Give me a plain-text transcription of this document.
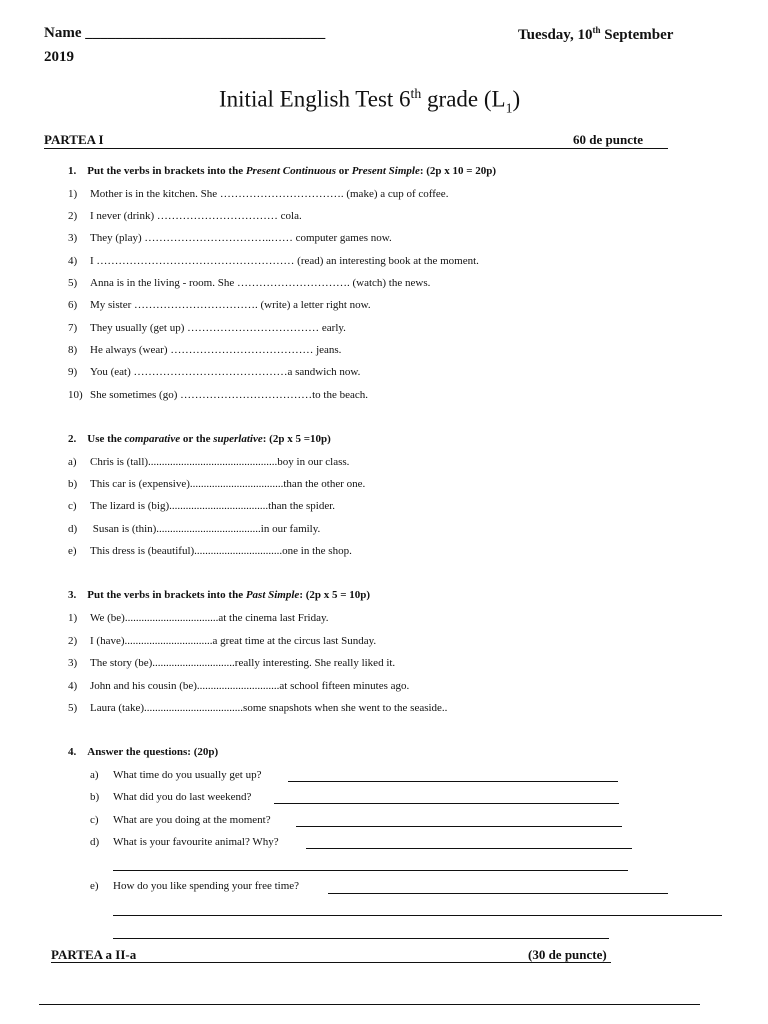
Name ________________________________	Tuesday, 10th September
2019
Initial English Test 6th grade $(L_1)$
PARTEA I	60 de puncte
1. Put the verbs in brackets into the Present Continuous or Present Simple: (2p x 10 = 20p)
1) Mother is in the kitchen. She ……………………………. (make) a cup of coffee.
2) I never (drink) …………………………… cola.
3) They (play) ……………………………..…… computer games now.
4) I ……………………………………………… (read) an interesting book at the moment.
5) Anna is in the living - room. She …………………………. (watch) the news.
6) My sister ……………………………. (write) a letter right now.
7) They usually (get up) ……………………………… early.
8) He always (wear) ………………………………… jeans.
9) You (eat) ……………………………………a sandwich now.
10) She sometimes (go) ………………………………to the beach.
2. Use the comparative or the superlative: (2p x 5 =10p)
a) Chris is (tall)...............................................boy in our class.
b) This car is (expensive)..................................than the other one.
c) The lizard is (big)....................................than the spider.
d) Susan is (thin)......................................in our family.
e) This dress is (beautiful)................................one in the shop.
3. Put the verbs in brackets into the Past Simple: (2p x 5 = 10p)
1) We (be)..................................at the cinema last Friday.
2) I (have)................................a great time at the circus last Sunday.
3) The story (be)..............................really interesting. She really liked it.
4) John and his cousin (be)..............................at school fifteen minutes ago.
5) Laura (take)....................................some snapshots when she went to the seaside..
4. Answer the questions: (20p)
a) What time do you usually get up?
b) What did you do last weekend?
c) What are you doing at the moment?
d) What is your favourite animal? Why?
e) How do you like spending your free time?
PARTEA a II-a	(30 de puncte)
